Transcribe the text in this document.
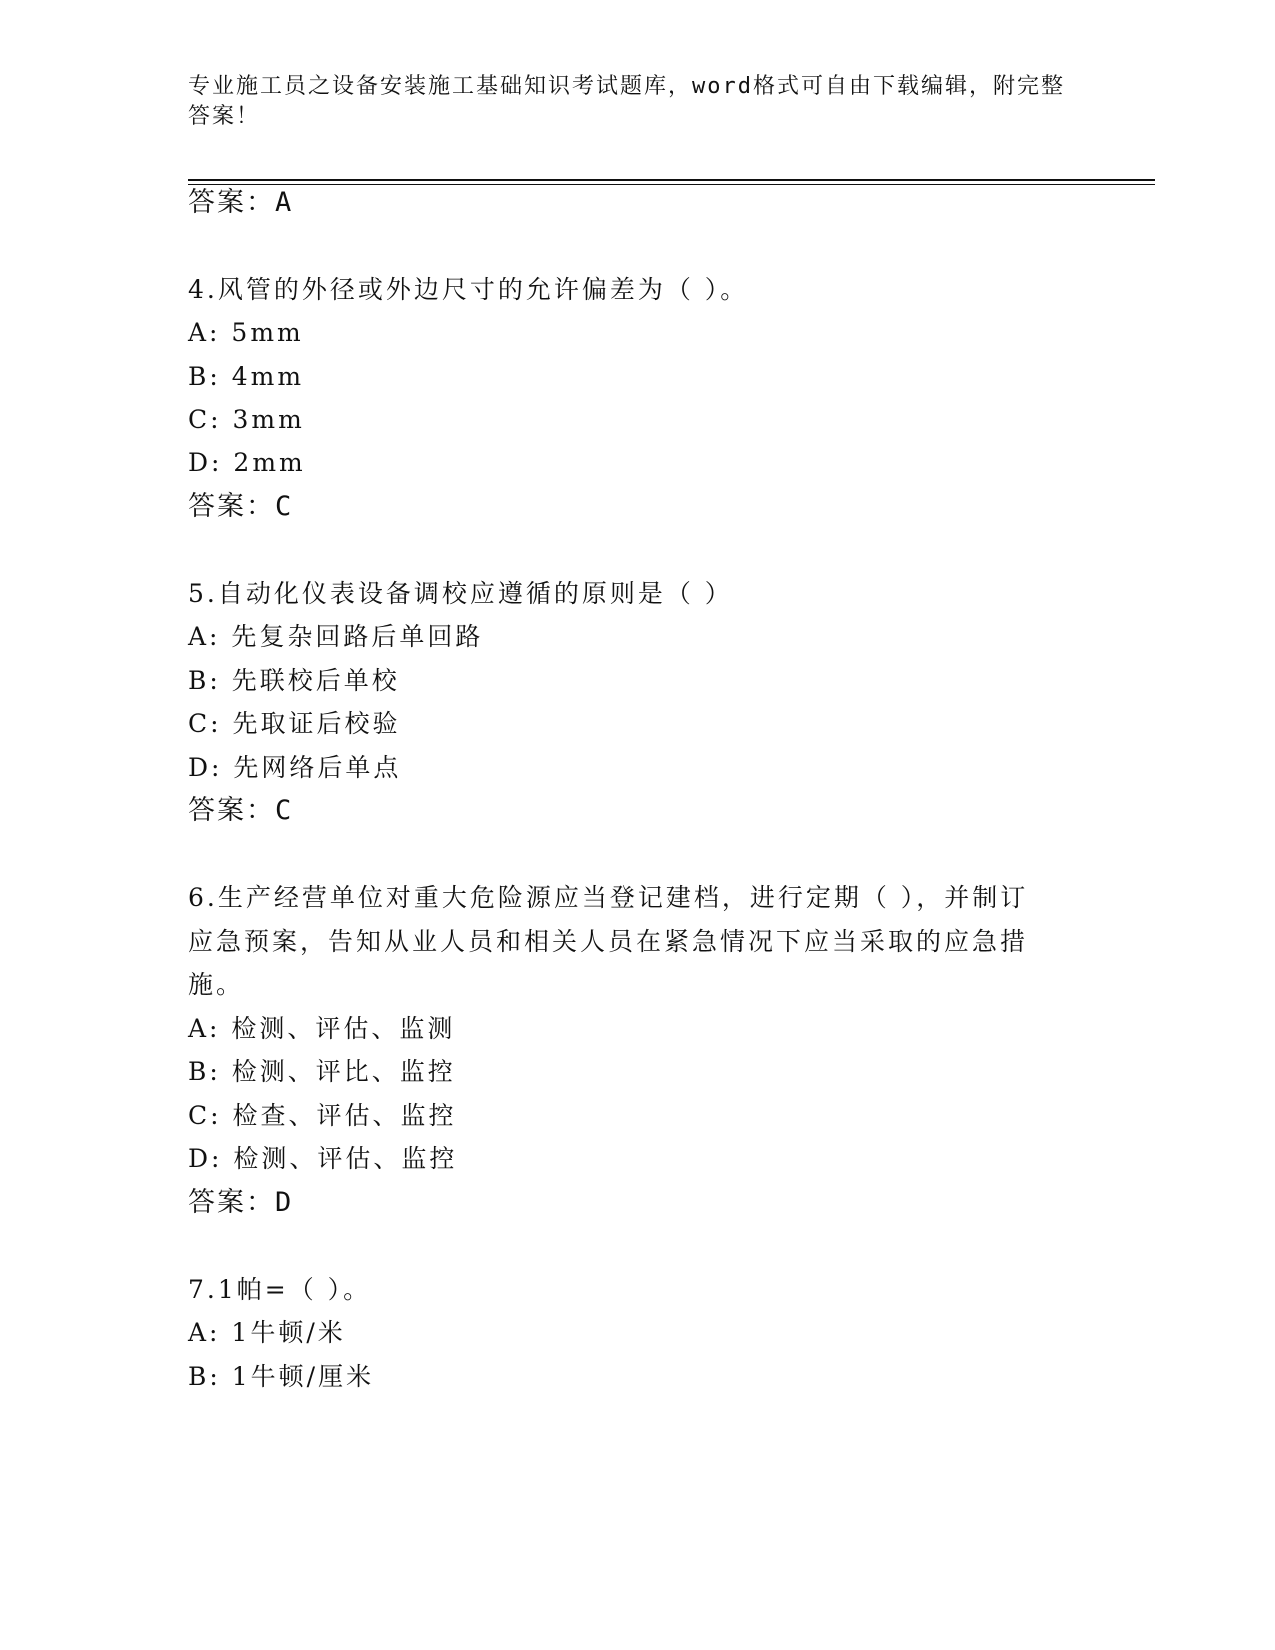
专业施工员之设备安装施工基础知识考试题库，word格式可自由下载编辑，附完整答案！
答案：A
4.风管的外径或外边尺寸的允许偏差为（ ）。
A: 5mm
B: 4mm
C: 3mm
D: 2mm
答案：C
5.自动化仪表设备调校应遵循的原则是（ ）
A: 先复杂回路后单回路
B: 先联校后单校
C: 先取证后校验
D: 先网络后单点
答案：C
6.生产经营单位对重大危险源应当登记建档，进行定期（ ），并制订
应急预案，告知从业人员和相关人员在紧急情况下应当采取的应急措
施。
A: 检测、评估、监测
B: 检测、评比、监控
C: 检查、评估、监控
D: 检测、评估、监控
答案：D
7.1帕=（ ）。
A: 1牛顿/米
B: 1牛顿/厘米
